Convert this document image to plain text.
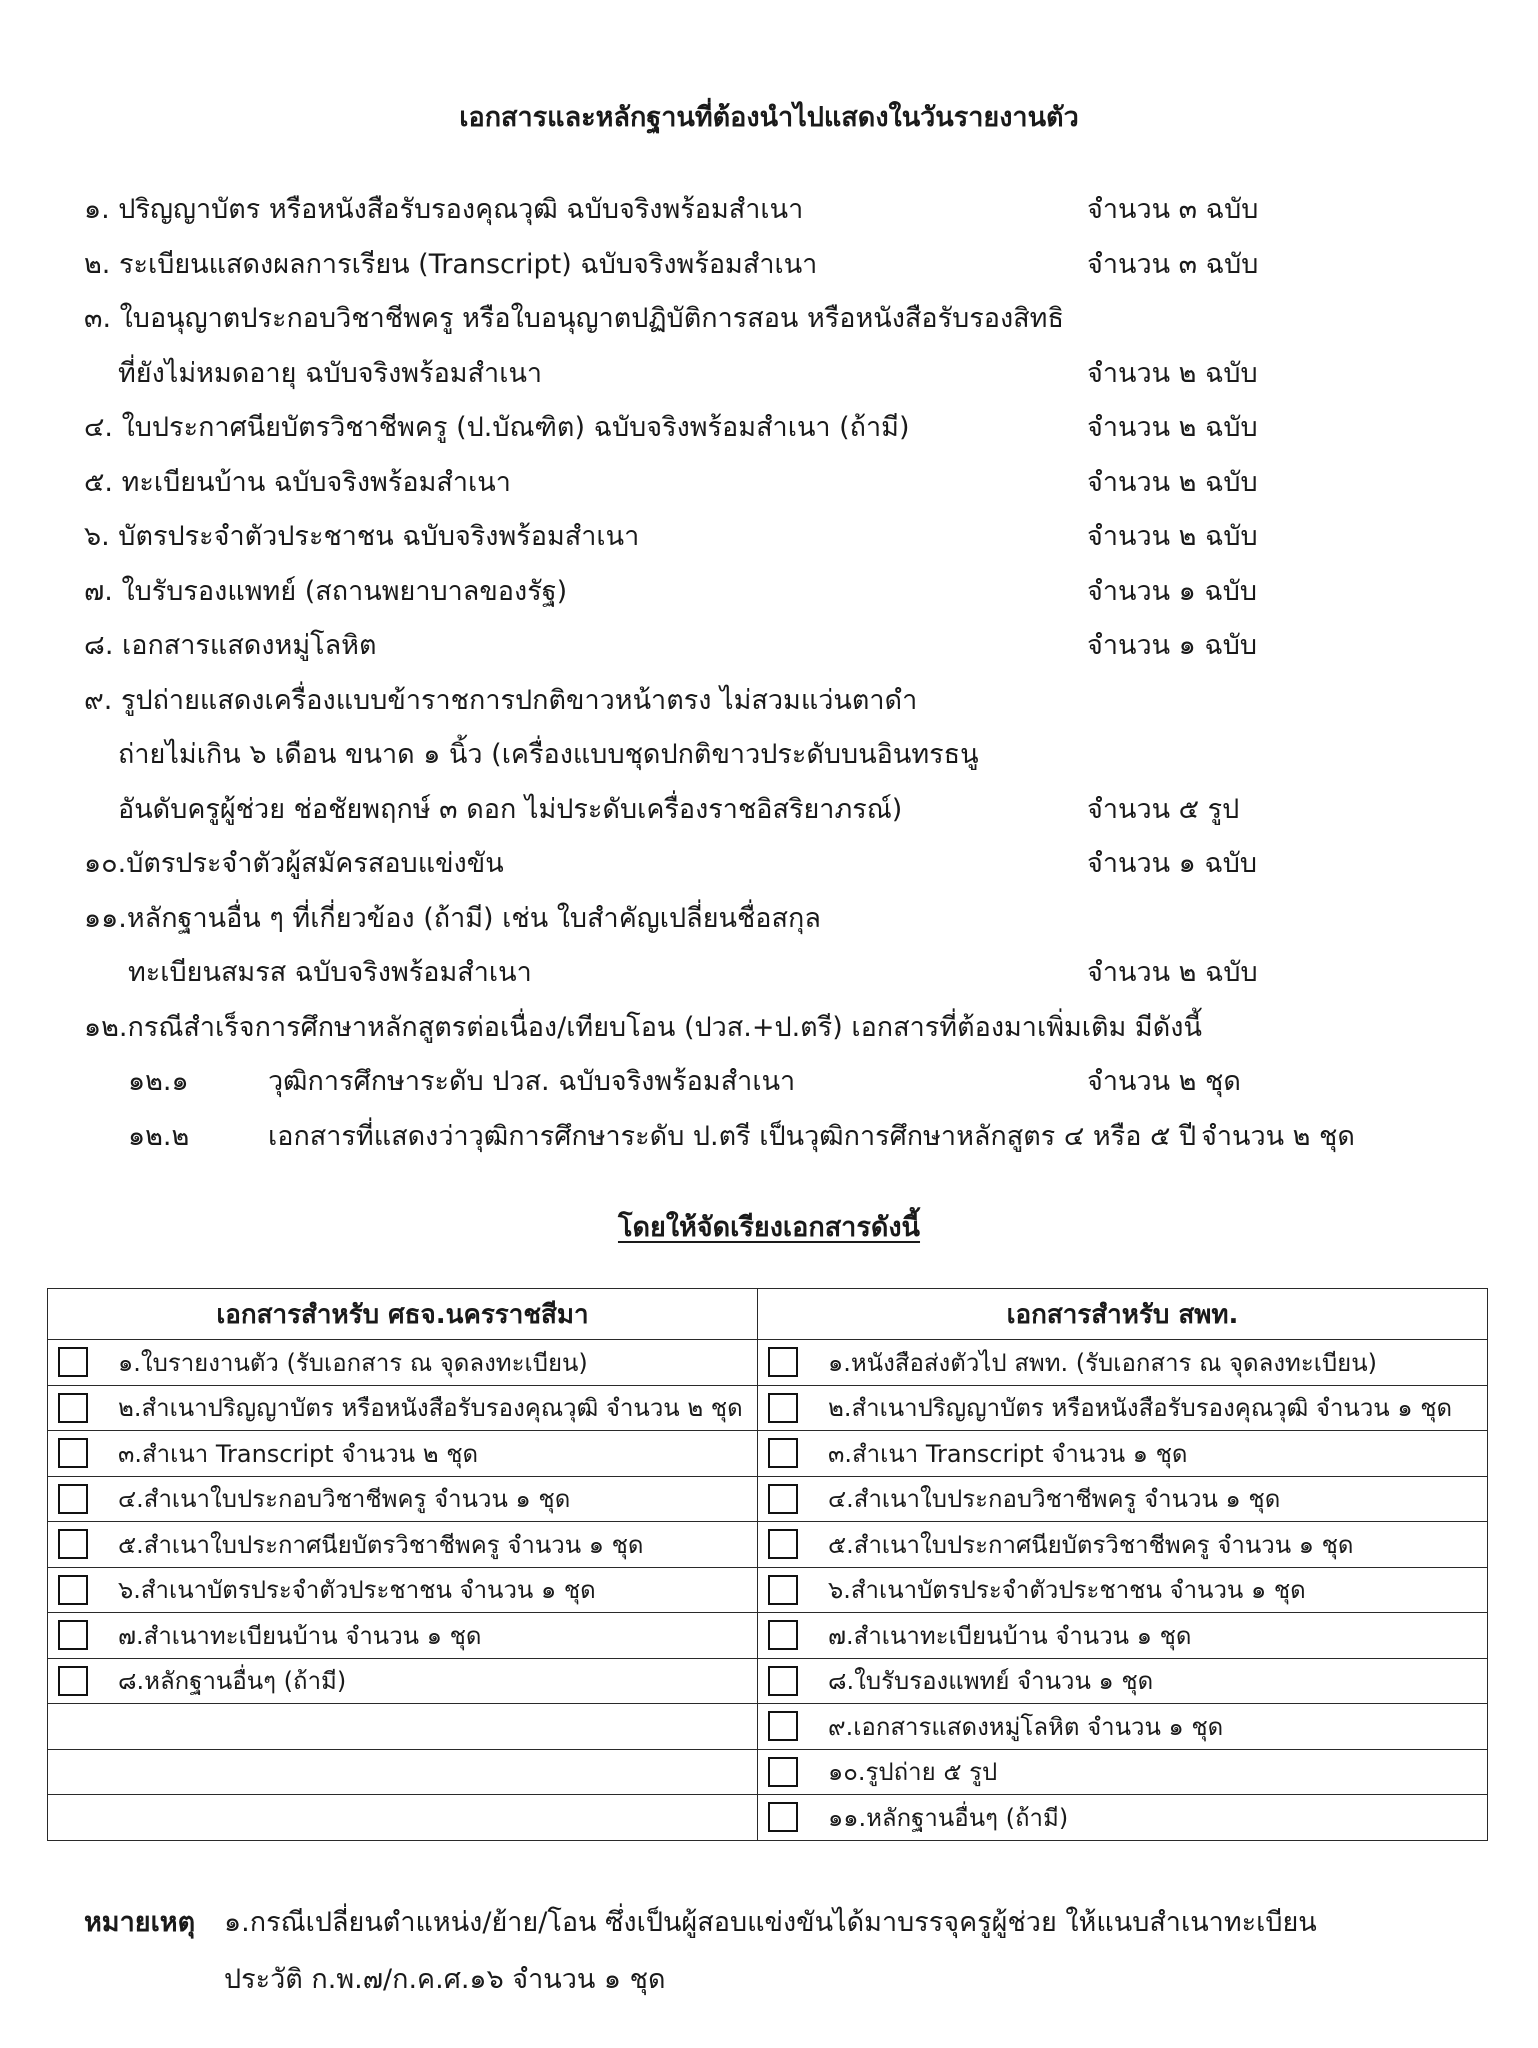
เอกสารและหลักฐานที่ต้องนำไปแสดงในวันรายงานตัว
๑. ปริญญาบัตร หรือหนังสือรับรองคุณวุฒิ ฉบับจริงพร้อมสำเนา	จำนวน ๓ ฉบับ
๒. ระเบียนแสดงผลการเรียน (Transcript) ฉบับจริงพร้อมสำเนา	จำนวน ๓ ฉบับ
๓. ใบอนุญาตประกอบวิชาชีพครู หรือใบอนุญาตปฏิบัติการสอน หรือหนังสือรับรองสิทธิ
ที่ยังไม่หมดอายุ ฉบับจริงพร้อมสำเนา	จำนวน ๒ ฉบับ
๔. ใบประกาศนียบัตรวิชาชีพครู (ป.บัณฑิต) ฉบับจริงพร้อมสำเนา (ถ้ามี)	จำนวน ๒ ฉบับ
๕. ทะเบียนบ้าน ฉบับจริงพร้อมสำเนา	จำนวน ๒ ฉบับ
๖. บัตรประจำตัวประชาชน ฉบับจริงพร้อมสำเนา	จำนวน ๒ ฉบับ
๗. ใบรับรองแพทย์ (สถานพยาบาลของรัฐ)	จำนวน ๑ ฉบับ
๘. เอกสารแสดงหมู่โลหิต	จำนวน ๑ ฉบับ
๙. รูปถ่ายแสดงเครื่องแบบข้าราชการปกติขาวหน้าตรง ไม่สวมแว่นตาดำ
ถ่ายไม่เกิน ๖ เดือน ขนาด ๑ นิ้ว (เครื่องแบบชุดปกติขาวประดับบนอินทรธนู
อันดับครูผู้ช่วย ช่อชัยพฤกษ์ ๓ ดอก ไม่ประดับเครื่องราชอิสริยาภรณ์)	จำนวน ๕ รูป
๑๐.บัตรประจำตัวผู้สมัครสอบแข่งขัน	จำนวน ๑ ฉบับ
๑๑.หลักฐานอื่น ๆ ที่เกี่ยวข้อง (ถ้ามี) เช่น ใบสำคัญเปลี่ยนชื่อสกุล
ทะเบียนสมรส ฉบับจริงพร้อมสำเนา	จำนวน ๒ ฉบับ
๑๒.กรณีสำเร็จการศึกษาหลักสูตรต่อเนื่อง/เทียบโอน (ปวส.+ป.ตรี) เอกสารที่ต้องมาเพิ่มเติม มีดังนี้
๑๒.๑	วุฒิการศึกษาระดับ ปวส. ฉบับจริงพร้อมสำเนา	จำนวน ๒ ชุด
๑๒.๒	เอกสารที่แสดงว่าวุฒิการศึกษาระดับ ป.ตรี เป็นวุฒิการศึกษาหลักสูตร ๔ หรือ ๕ ปี จำนวน ๒ ชุด
โดยให้จัดเรียงเอกสารดังนี้
เอกสารสำหรับ ศธจ.นครราชสีมา	เอกสารสำหรับ สพท.

๑.ใบรายงานตัว (รับเอกสาร ณ จุดลงทะเบียน)	๑.หนังสือส่งตัวไป สพท. (รับเอกสาร ณ จุดลงทะเบียน)

๒.สำเนาปริญญาบัตร หรือหนังสือรับรองคุณวุฒิ จำนวน ๒ ชุด	๒.สำเนาปริญญาบัตร หรือหนังสือรับรองคุณวุฒิ จำนวน ๑ ชุด

๓.สำเนา Transcript จำนวน ๒ ชุด	๓.สำเนา Transcript จำนวน ๑ ชุด

๔.สำเนาใบประกอบวิชาชีพครู จำนวน ๑ ชุด	๔.สำเนาใบประกอบวิชาชีพครู จำนวน ๑ ชุด

๕.สำเนาใบประกาศนียบัตรวิชาชีพครู จำนวน ๑ ชุด	๕.สำเนาใบประกาศนียบัตรวิชาชีพครู จำนวน ๑ ชุด

๖.สำเนาบัตรประจำตัวประชาชน จำนวน ๑ ชุด	๖.สำเนาบัตรประจำตัวประชาชน จำนวน ๑ ชุด

๗.สำเนาทะเบียนบ้าน จำนวน ๑ ชุด	๗.สำเนาทะเบียนบ้าน จำนวน ๑ ชุด

๘.หลักฐานอื่นๆ (ถ้ามี)	๘.ใบรับรองแพทย์ จำนวน ๑ ชุด

	๙.เอกสารแสดงหมู่โลหิต จำนวน ๑ ชุด

	๑๐.รูปถ่าย ๕ รูป

	๑๑.หลักฐานอื่นๆ (ถ้ามี)
หมายเหตุ ๑.กรณีเปลี่ยนตำแหน่ง/ย้าย/โอน ซึ่งเป็นผู้สอบแข่งขันได้มาบรรจุครูผู้ช่วย ให้แนบสำเนาทะเบียน
ประวัติ ก.พ.๗/ก.ค.ศ.๑๖ จำนวน ๑ ชุด
